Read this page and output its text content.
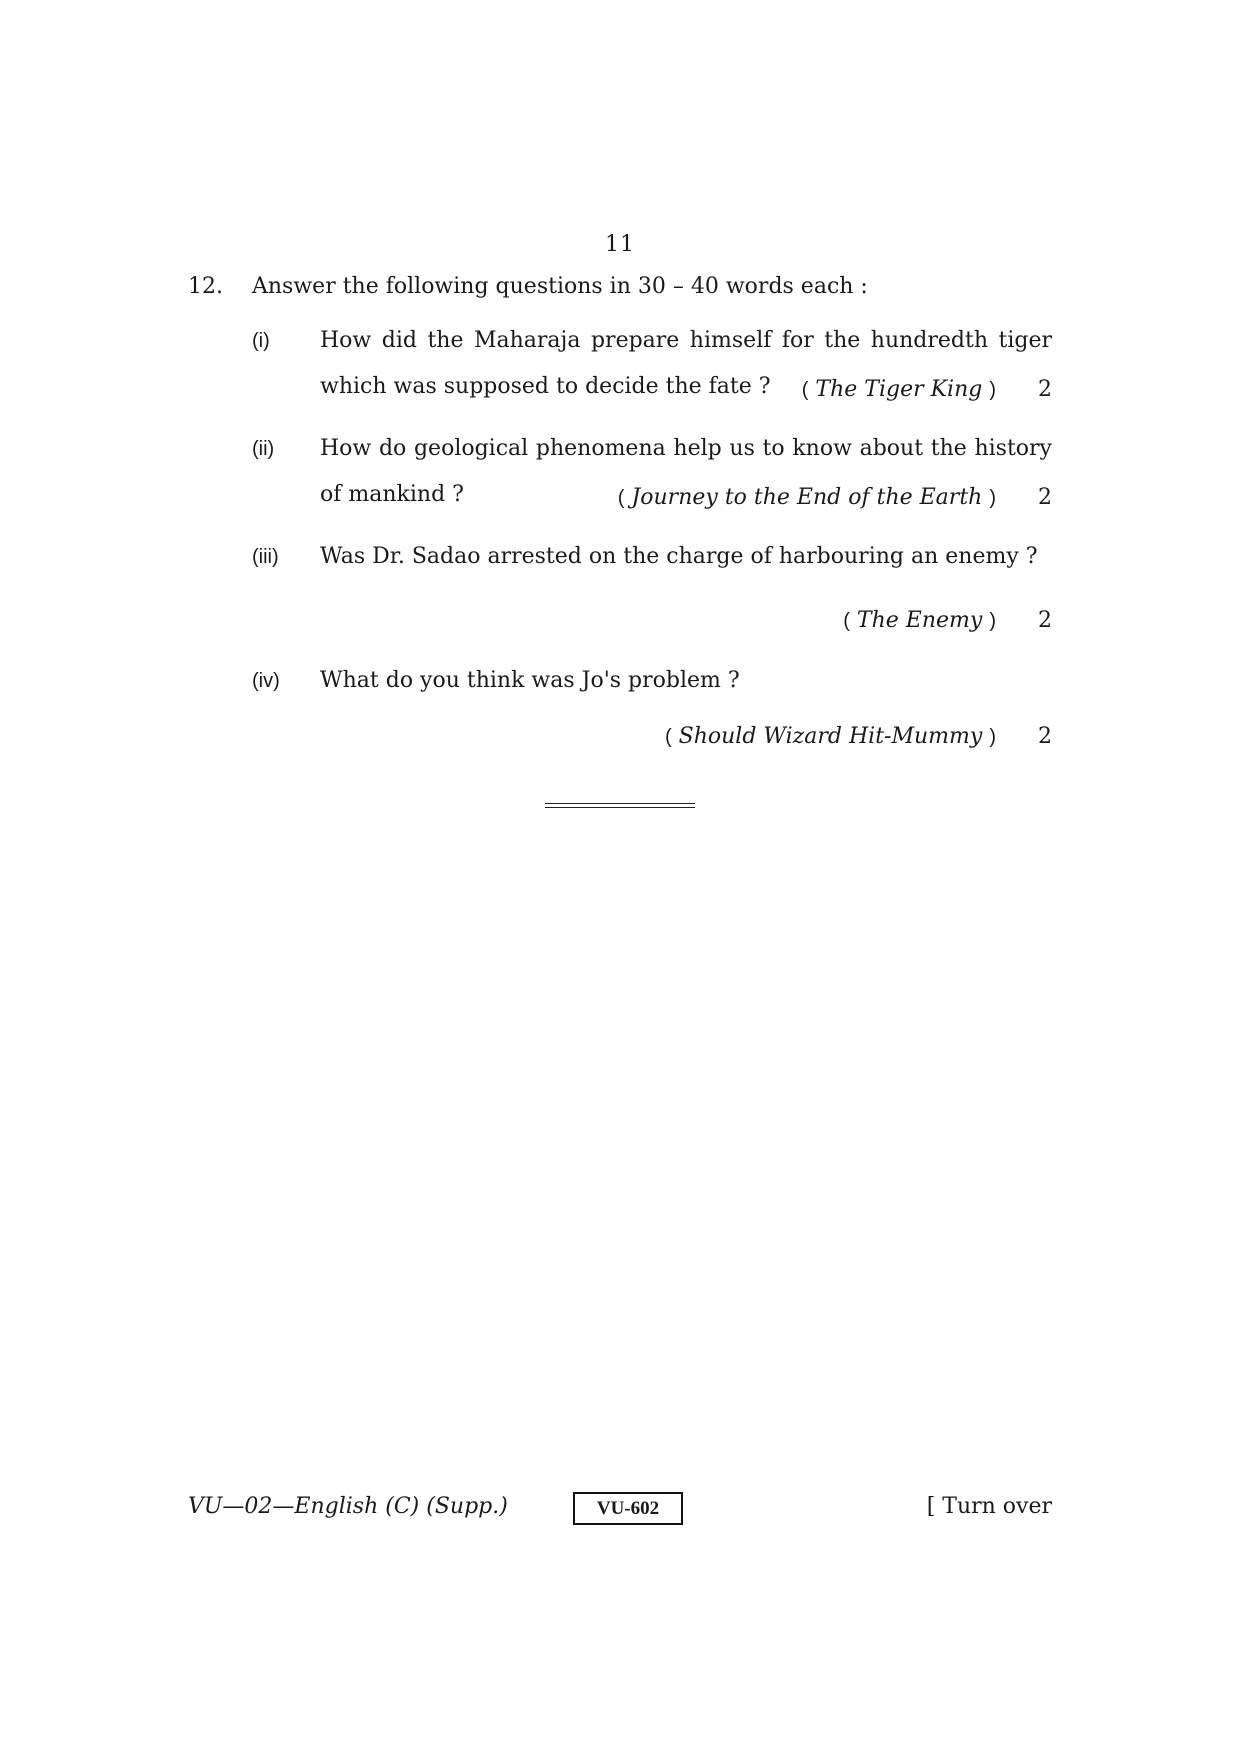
11
12. Answer the following questions in 30 – 40 words each :
(i) How did the Maharaja prepare himself for the hundredth tiger
which was supposed to decide the fate ?	( The Tiger King ) 2
(ii) How do geological phenomena help us to know about the history
of mankind ?	( Journey to the End of the Earth ) 2
(iii) Was Dr. Sadao arrested on the charge of harbouring an enemy ?
( The Enemy ) 2
(iv) What do you think was Jo's problem ?
( Should Wizard Hit-Mummy ) 2
VU—02—English (C) (Supp.)	VU-602	[ Turn over
